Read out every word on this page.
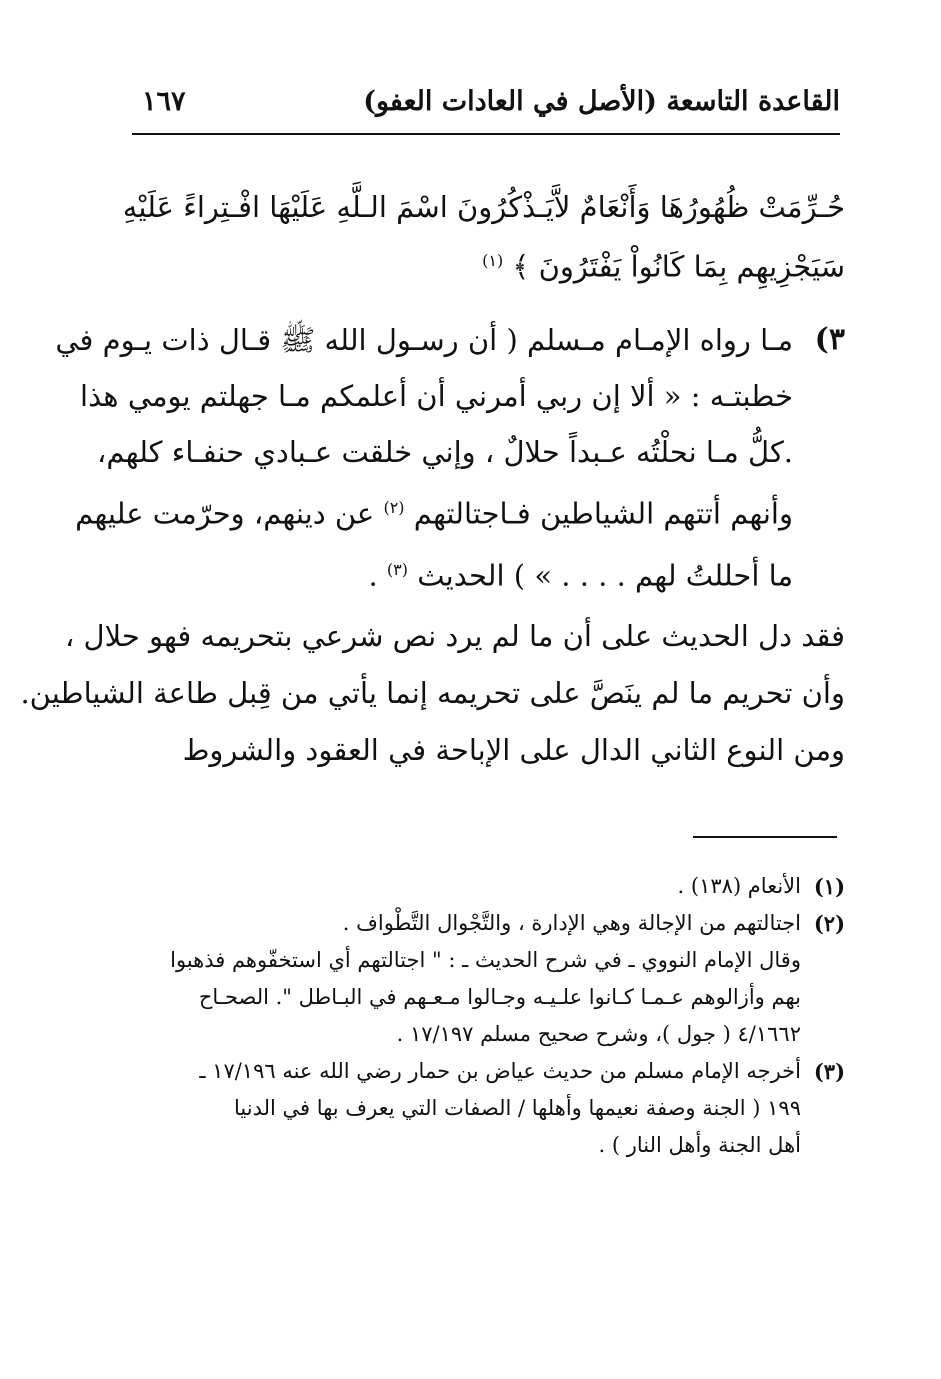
القاعدة التاسعة (الأصل في العادات العفو)
١٦٧
حُـرِّمَتْ ظُهُورُهَا وَأَنْعَامٌ لاَّيَـذْكُرُونَ اسْمَ الـلَّهِ عَلَيْهَا افْـتِراءً عَلَيْهِ
سَيَجْزِيهِم بِمَا كَانُواْ يَفْتَرُونَ ﴾ $^{(١)}$
٣)
مـا رواه الإمـام مـسلم ( أن رسـول الله ﷺ قـال ذات يـوم في
خطبتـه : « ألا إن ربي أمرني أن أعلمكم مـا جهلتم يومي هذا
.كلُّ مـا نحلْتُه عـبداً حلالٌ ، وإني خلقت عـبادي حنفـاء كلهم،
وأنهم أتتهم الشياطين فـاجتالتهم $^{(٢)}$ عن دينهم، وحرّمت عليهم
ما أحللتُ لهم . . . . » ) الحديث $^{(٣)}$ .
فقد دل الحديث على أن ما لم يرد نص شرعي بتحريمه فهو حلال ،
وأن تحريم ما لم ينَصَّ على تحريمه إنما يأتي من قِبل طاعة الشياطين.
ومن النوع الثاني الدال على الإباحة في العقود والشروط
(١)
الأنعام (١٣٨) .
(٢)
اجتالتهم من الإجالة وهي الإدارة ، والتَّجْوال التَّطْواف .
وقال الإمام النووي ـ في شرح الحديث ـ : " اجتالتهم أي استخفّوهم فذهبوا
بهم وأزالوهم عـمـا كـانوا علـيـه وجـالوا مـعـهم في البـاطل ". الصحـاح
٤/١٦٦٢ ( جول )، وشرح صحيح مسلم ١٧/١٩٧ .
(٣)
أخرجه الإمام مسلم من حديث عياض بن حمار رضي الله عنه ١٧/١٩٦ ـ
١٩٩ ( الجنة وصفة نعيمها وأهلها / الصفات التي يعرف بها في الدنيا
أهل الجنة وأهل النار ) .
